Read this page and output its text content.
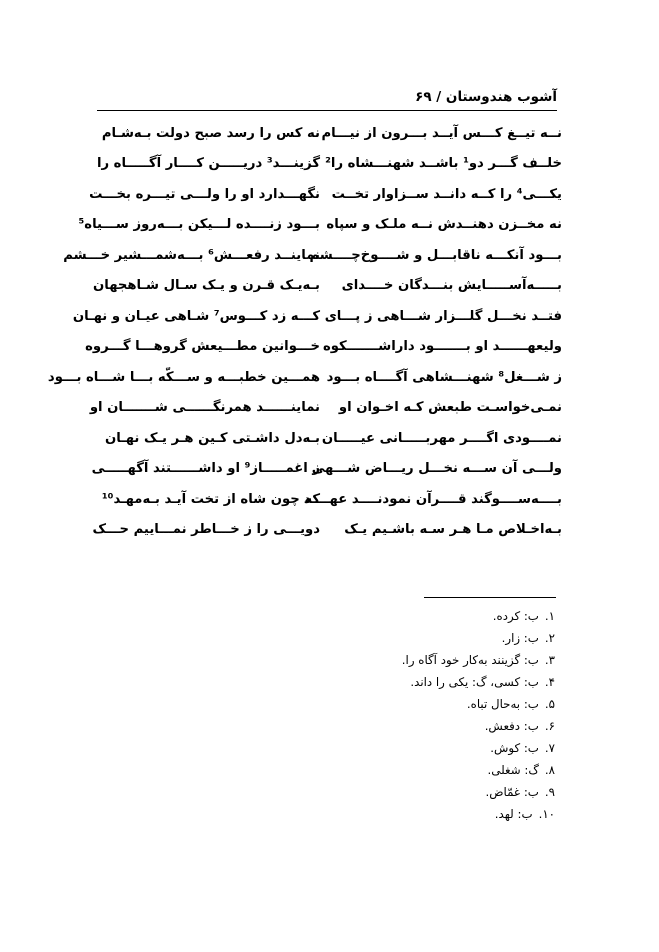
آشوب هندوستان / ۶۹
نــه تیــغ کـــس آیــد بـــرون از نیـــام
نه کس را رسد صبح دولت بـه‌شـام
خلــف گـــر دو¹ باشــد شهنـــشاه را²
گزینـــد³ دریـــــن کــــار آگـــــاه را
یکـــی⁴ را کــه دانــد ســزاوار تخــت
نگهـــدارد او را ولـــی تیـــره بخـــت
نه مخــزن دهنــدش نــه ملـک و سپاه
بـــود زنــــده لـــیکن بـــه‌روز ســـیاه⁵
بـــود آنکـــه ناقابـــل و شــــوخ‌چــــشم
نماینــد رفعـــش⁶ بـــه‌شمـــشیر خـــشم
بـــــه‌آســـــایش بنـــدگان خــــدای
بـه‌یـک قـرن و یـک سـال شـاهجهان
فتــد نخـــل گلـــزار شـــاهی ز پـــای
کـــه زد کـــوس⁷ شـاهی عیـان و نهـان
ولیعهــــــد او بـــــــود داراشـــــــکوه
خـــوانین مطـــیعش گروهـــا گـــروه
ز شـــغل⁸ شهنـــشاهی آگــــاه بـــود
همـــین خطبـــه و ســـکّه بـــا شـــاه بـــود
نمـی‌خواسـت طبعش کـه اخـوان او
نماینــــــد همرنگــــــی شـــــــان او
نمــــودی اگــــر مهربـــــانی عیـــــان
بـه‌دل داشـتی کـین هـر یـک نهـان
ولـــی آن ســـه نخـــل ریـــاض شـــهی
ز اغمـــــاز⁹ او داشــــــتند آگهـــــی
بــــه‌ســــوگند قــــرآن نمودنــــد عهــــد
که چون شاه از تخت آیـد بـه‌مهـد¹⁰
بـه‌اخـلاص مـا هـر سـه باشـیم یـک
دویـــی را ز خـــاطر نمـــاییم حـــک
۱.
ب: کرده.
۲.
ب: زار.
۳.
ب: گزینند به‌کار خود آگاه را.
۴.
ب: کسی، گ: یکی را داند.
۵.
ب: به‌حال تباه.
۶.
ب: دفعش.
۷.
ب: کوش.
۸.
گ: شغلی.
۹.
ب: غمّاض.
۱۰.
ب: لهد.
